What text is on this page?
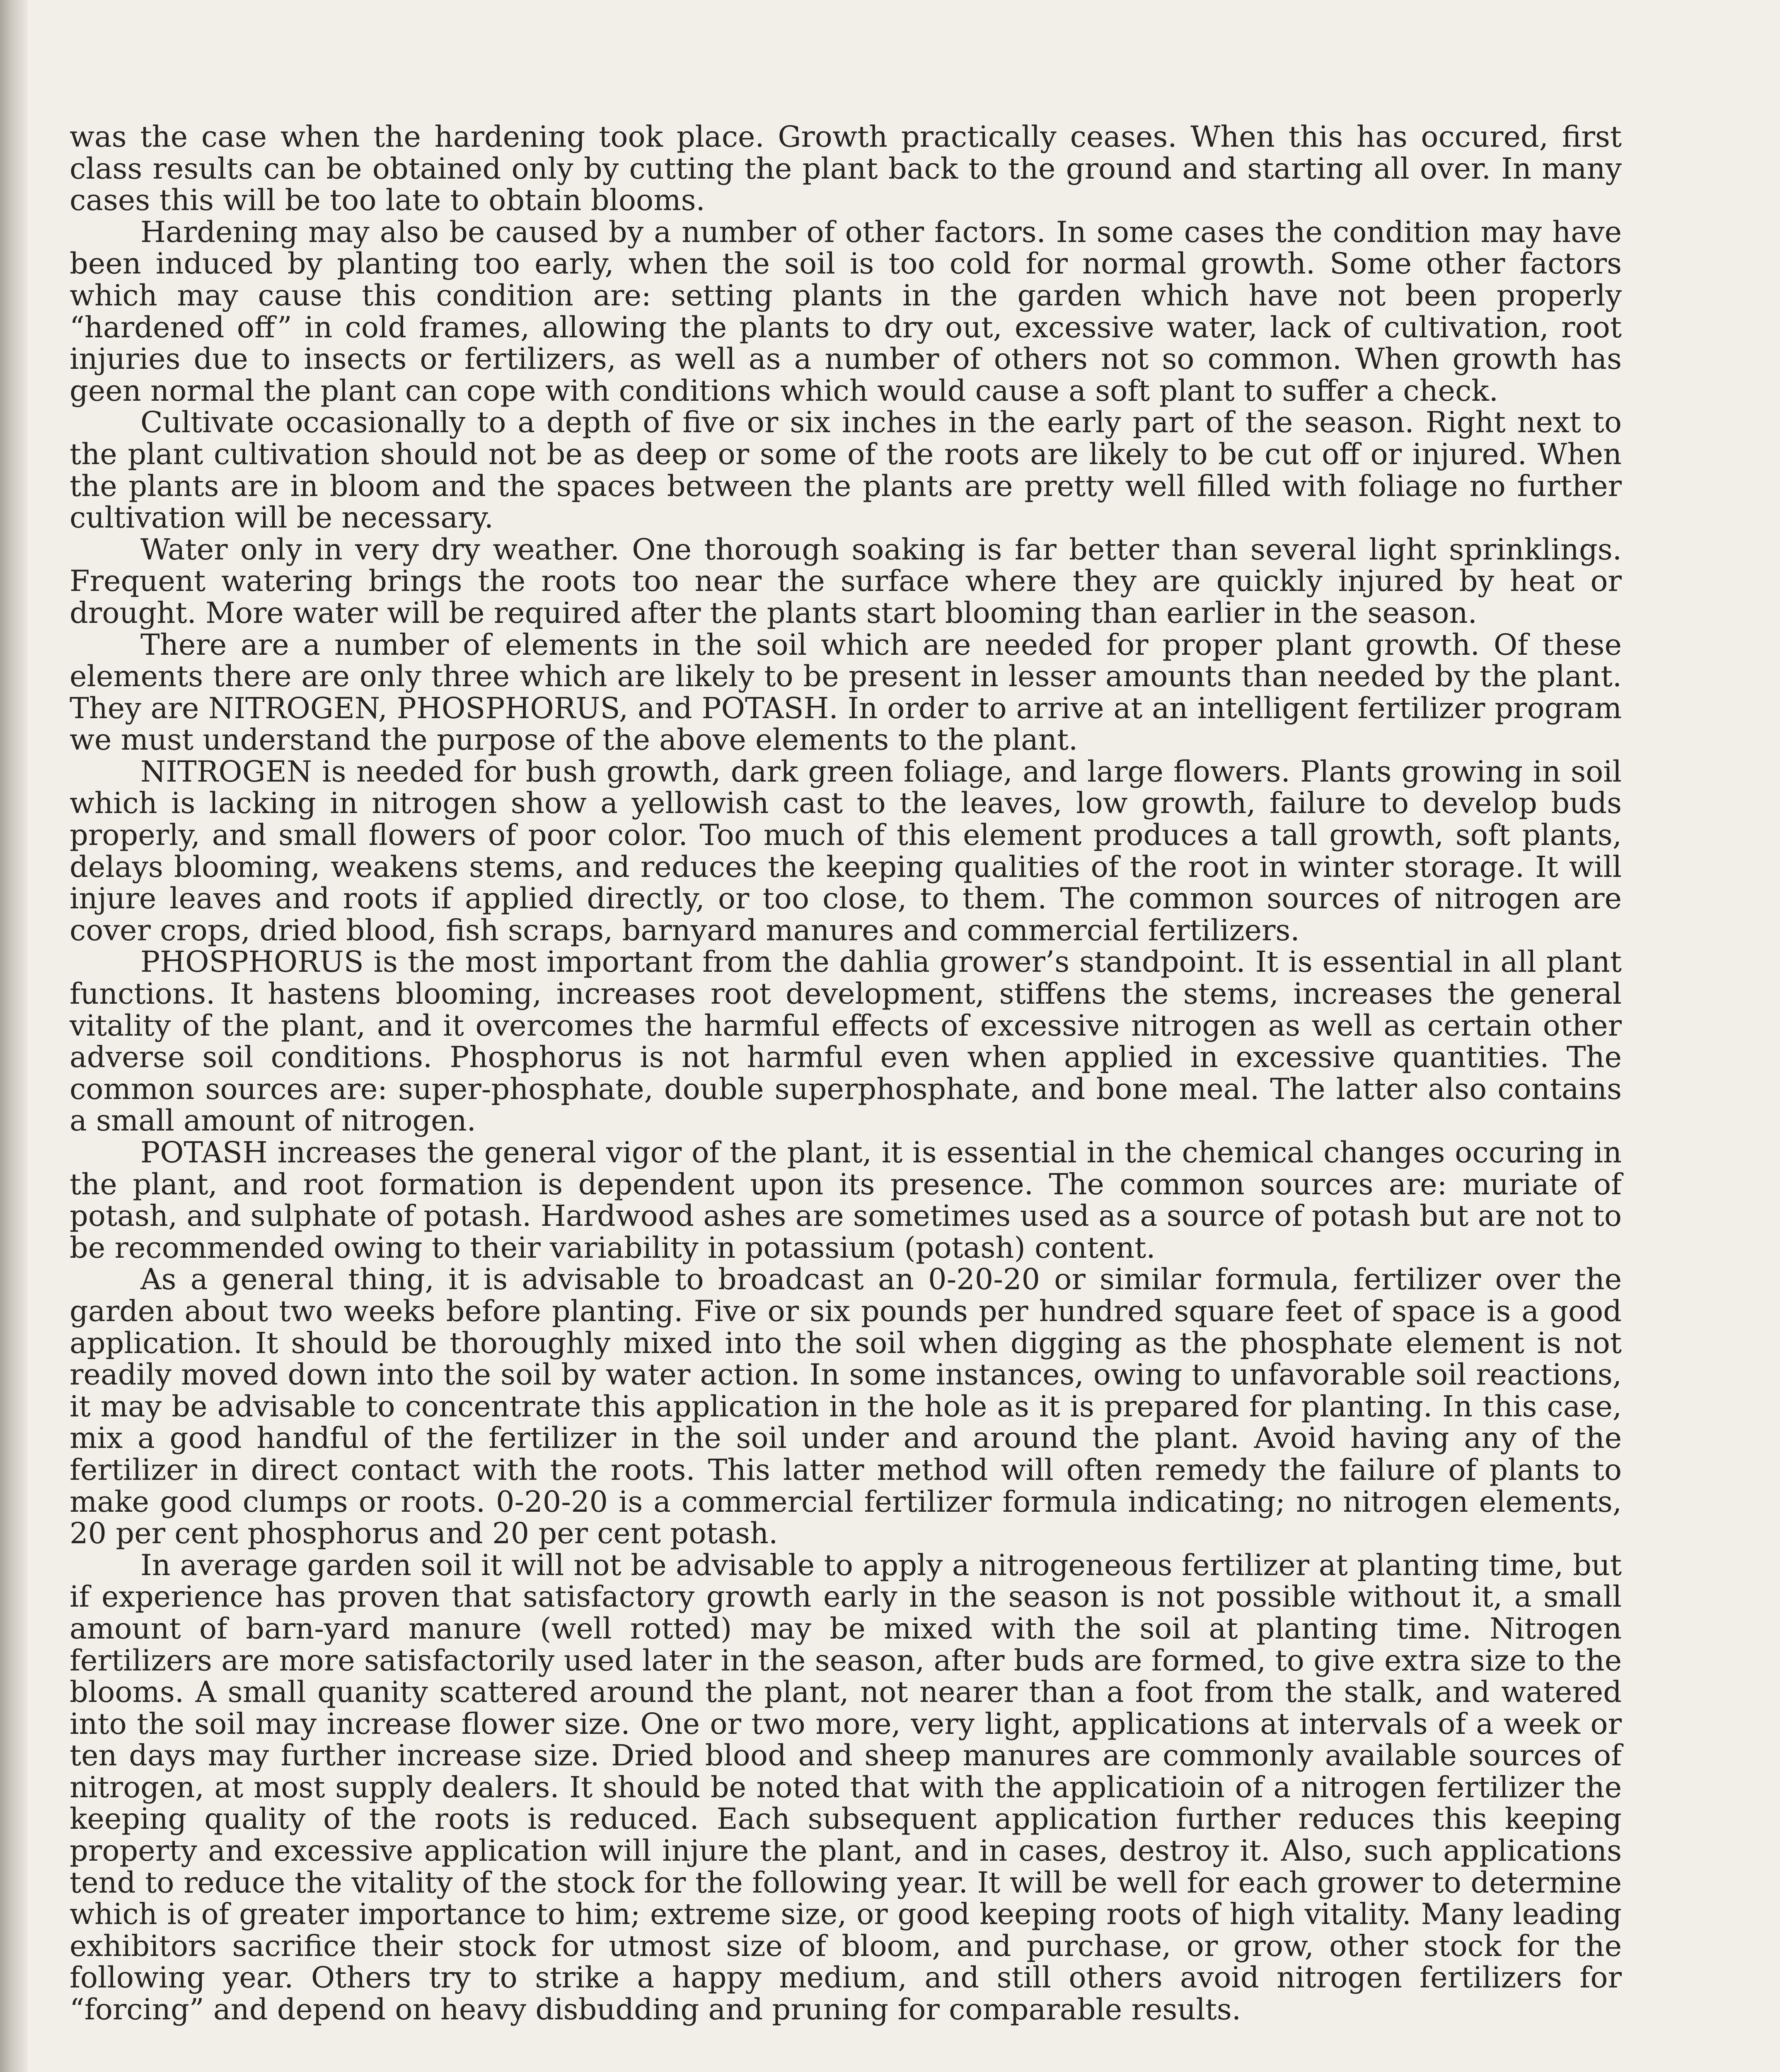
was the case when the hardening took place. Growth practically ceases. When this has occured, first class results can be obtained only by cutting the plant back to the ground and starting all over. In many cases this will be too late to obtain blooms.

Hardening may also be caused by a number of other factors. In some cases the condition may have been induced by planting too early, when the soil is too cold for normal growth. Some other factors which may cause this condition are: setting plants in the garden which have not been properly “hardened off” in cold frames, allowing the plants to dry out, excessive water, lack of cultivation, root injuries due to insects or fertilizers, as well as a number of others not so common. When growth has geen normal the plant can cope with conditions which would cause a soft plant to suffer a check.

Cultivate occasionally to a depth of five or six inches in the early part of the season. Right next to the plant cultivation should not be as deep or some of the roots are likely to be cut off or injured. When the plants are in bloom and the spaces between the plants are pretty well filled with foliage no further cultivation will be necessary.

Water only in very dry weather. One thorough soaking is far better than several light sprinklings. Frequent watering brings the roots too near the surface where they are quickly injured by heat or drought. More water will be required after the plants start blooming than earlier in the season.

There are a number of elements in the soil which are needed for proper plant growth. Of these elements there are only three which are likely to be present in lesser amounts than needed by the plant. They are NITROGEN, PHOSPHORUS, and POTASH. In order to arrive at an intelligent fertilizer program we must understand the purpose of the above elements to the plant.

NITROGEN is needed for bush growth, dark green foliage, and large flowers. Plants growing in soil which is lacking in nitrogen show a yellowish cast to the leaves, low growth, failure to develop buds properly, and small flowers of poor color. Too much of this element produces a tall growth, soft plants, delays blooming, weakens stems, and reduces the keeping qualities of the root in winter storage. It will injure leaves and roots if applied directly, or too close, to them. The common sources of nitrogen are cover crops, dried blood, fish scraps, barnyard manures and commercial fertilizers.

PHOSPHORUS is the most important from the dahlia grower’s standpoint. It is essential in all plant functions. It hastens blooming, increases root development, stiffens the stems, increases the general vitality of the plant, and it overcomes the harmful effects of excessive nitrogen as well as certain other adverse soil conditions. Phosphorus is not harmful even when applied in excessive quantities. The common sources are: super-phosphate, double superphosphate, and bone meal. The latter also contains a small amount of nitrogen.

POTASH increases the general vigor of the plant, it is essential in the chemical changes occuring in the plant, and root formation is dependent upon its presence. The common sources are: muriate of potash, and sulphate of potash. Hardwood ashes are sometimes used as a source of potash but are not to be recommended owing to their variability in potassium (potash) content.

As a general thing, it is advisable to broadcast an 0-20-20 or similar formula, fertilizer over the garden about two weeks before planting. Five or six pounds per hundred square feet of space is a good application. It should be thoroughly mixed into the soil when digging as the phosphate element is not readily moved down into the soil by water action. In some instances, owing to unfavorable soil reactions, it may be advisable to concentrate this application in the hole as it is prepared for planting. In this case, mix a good handful of the fertilizer in the soil under and around the plant. Avoid having any of the fertilizer in direct contact with the roots. This latter method will often remedy the failure of plants to make good clumps or roots. 0-20-20 is a commercial fertilizer formula indicating; no nitrogen elements, 20 per cent phosphorus and 20 per cent potash.

In average garden soil it will not be advisable to apply a nitrogeneous fertilizer at planting time, but if experience has proven that satisfactory growth early in the season is not possible without it, a small amount of barn-yard manure (well rotted) may be mixed with the soil at planting time. Nitrogen fertilizers are more satisfactorily used later in the season, after buds are formed, to give extra size to the blooms. A small quanity scattered around the plant, not nearer than a foot from the stalk, and watered into the soil may increase flower size. One or two more, very light, applications at intervals of a week or ten days may further increase size. Dried blood and sheep manures are commonly available sources of nitrogen, at most supply dealers. It should be noted that with the applicatioin of a nitrogen fertilizer the keeping quality of the roots is reduced. Each subsequent application further reduces this keeping property and excessive application will injure the plant, and in cases, destroy it. Also, such applications tend to reduce the vitality of the stock for the following year. It will be well for each grower to determine which is of greater importance to him; extreme size, or good keeping roots of high vitality. Many leading exhibitors sacrifice their stock for utmost size of bloom, and purchase, or grow, other stock for the following year. Others try to strike a happy medium, and still others avoid nitrogen fertilizers for “forcing” and depend on heavy disbudding and pruning for comparable results.
